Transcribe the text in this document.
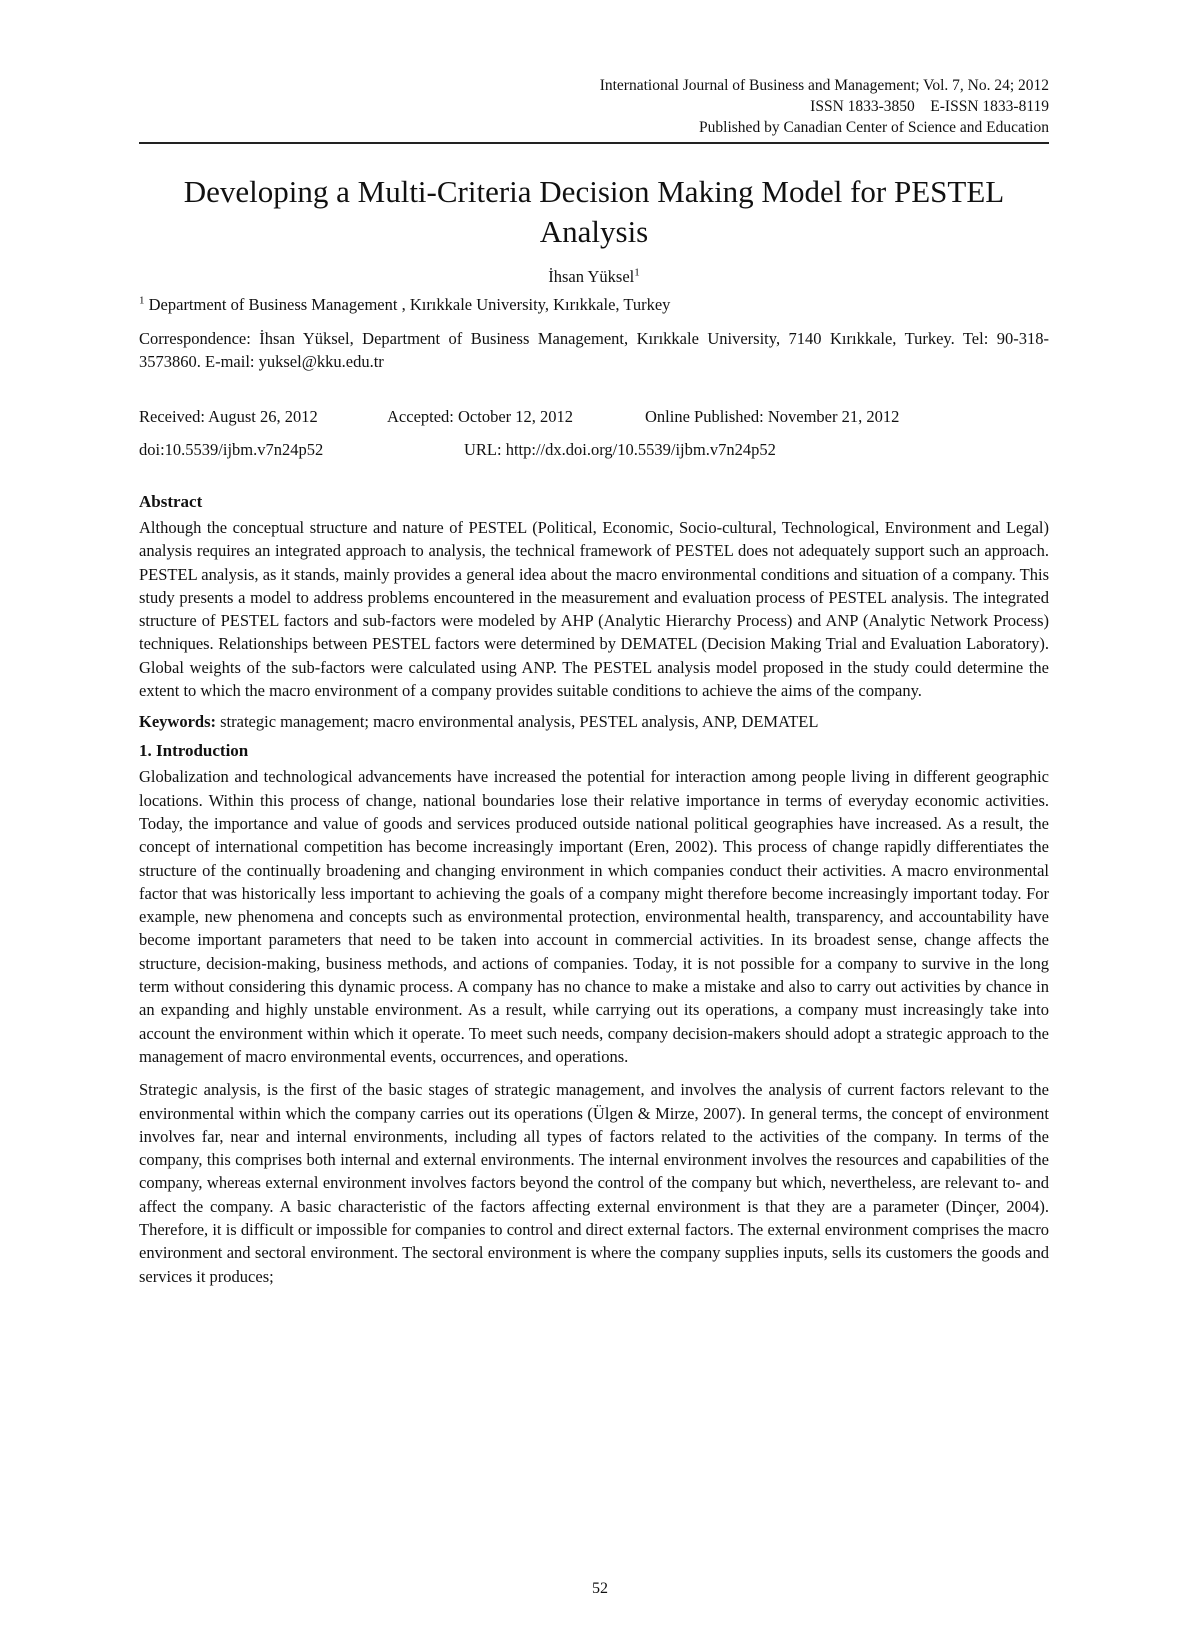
International Journal of Business and Management; Vol. 7, No. 24; 2012
ISSN 1833-3850    E-ISSN 1833-8119
Published by Canadian Center of Science and Education
Developing a Multi-Criteria Decision Making Model for PESTEL Analysis
İhsan Yüksel$^1$
$^1$ Department of Business Management , Kırıkkale University, Kırıkkale, Turkey
Correspondence: İhsan Yüksel, Department of Business Management, Kırıkkale University, 7140 Kırıkkale, Turkey. Tel: 90-318-3573860. E-mail: yuksel@kku.edu.tr
Received: August 26, 2012	Accepted: October 12, 2012	Online Published: November 21, 2012
doi:10.5539/ijbm.v7n24p52	URL: http://dx.doi.org/10.5539/ijbm.v7n24p52
Abstract
Although the conceptual structure and nature of PESTEL (Political, Economic, Socio-cultural, Technological, Environment and Legal) analysis requires an integrated approach to analysis, the technical framework of PESTEL does not adequately support such an approach. PESTEL analysis, as it stands, mainly provides a general idea about the macro environmental conditions and situation of a company. This study presents a model to address problems encountered in the measurement and evaluation process of PESTEL analysis. The integrated structure of PESTEL factors and sub-factors were modeled by AHP (Analytic Hierarchy Process) and ANP (Analytic Network Process) techniques. Relationships between PESTEL factors were determined by DEMATEL (Decision Making Trial and Evaluation Laboratory). Global weights of the sub-factors were calculated using ANP. The PESTEL analysis model proposed in the study could determine the extent to which the macro environment of a company provides suitable conditions to achieve the aims of the company.
Keywords: strategic management; macro environmental analysis, PESTEL analysis, ANP, DEMATEL
1. Introduction
Globalization and technological advancements have increased the potential for interaction among people living in different geographic locations. Within this process of change, national boundaries lose their relative importance in terms of everyday economic activities. Today, the importance and value of goods and services produced outside national political geographies have increased. As a result, the concept of international competition has become increasingly important (Eren, 2002). This process of change rapidly differentiates the structure of the continually broadening and changing environment in which companies conduct their activities. A macro environmental factor that was historically less important to achieving the goals of a company might therefore become increasingly important today. For example, new phenomena and concepts such as environmental protection, environmental health, transparency, and accountability have become important parameters that need to be taken into account in commercial activities. In its broadest sense, change affects the structure, decision-making, business methods, and actions of companies. Today, it is not possible for a company to survive in the long term without considering this dynamic process. A company has no chance to make a mistake and also to carry out activities by chance in an expanding and highly unstable environment. As a result, while carrying out its operations, a company must increasingly take into account the environment within which it operate. To meet such needs, company decision-makers should adopt a strategic approach to the management of macro environmental events, occurrences, and operations.
Strategic analysis, is the first of the basic stages of strategic management, and involves the analysis of current factors relevant to the environmental within which the company carries out its operations (Ülgen & Mirze, 2007). In general terms, the concept of environment involves far, near and internal environments, including all types of factors related to the activities of the company. In terms of the company, this comprises both internal and external environments. The internal environment involves the resources and capabilities of the company, whereas external environment involves factors beyond the control of the company but which, nevertheless, are relevant to- and affect the company. A basic characteristic of the factors affecting external environment is that they are a parameter (Dinçer, 2004). Therefore, it is difficult or impossible for companies to control and direct external factors. The external environment comprises the macro environment and sectoral environment. The sectoral environment is where the company supplies inputs, sells its customers the goods and services it produces;
52
